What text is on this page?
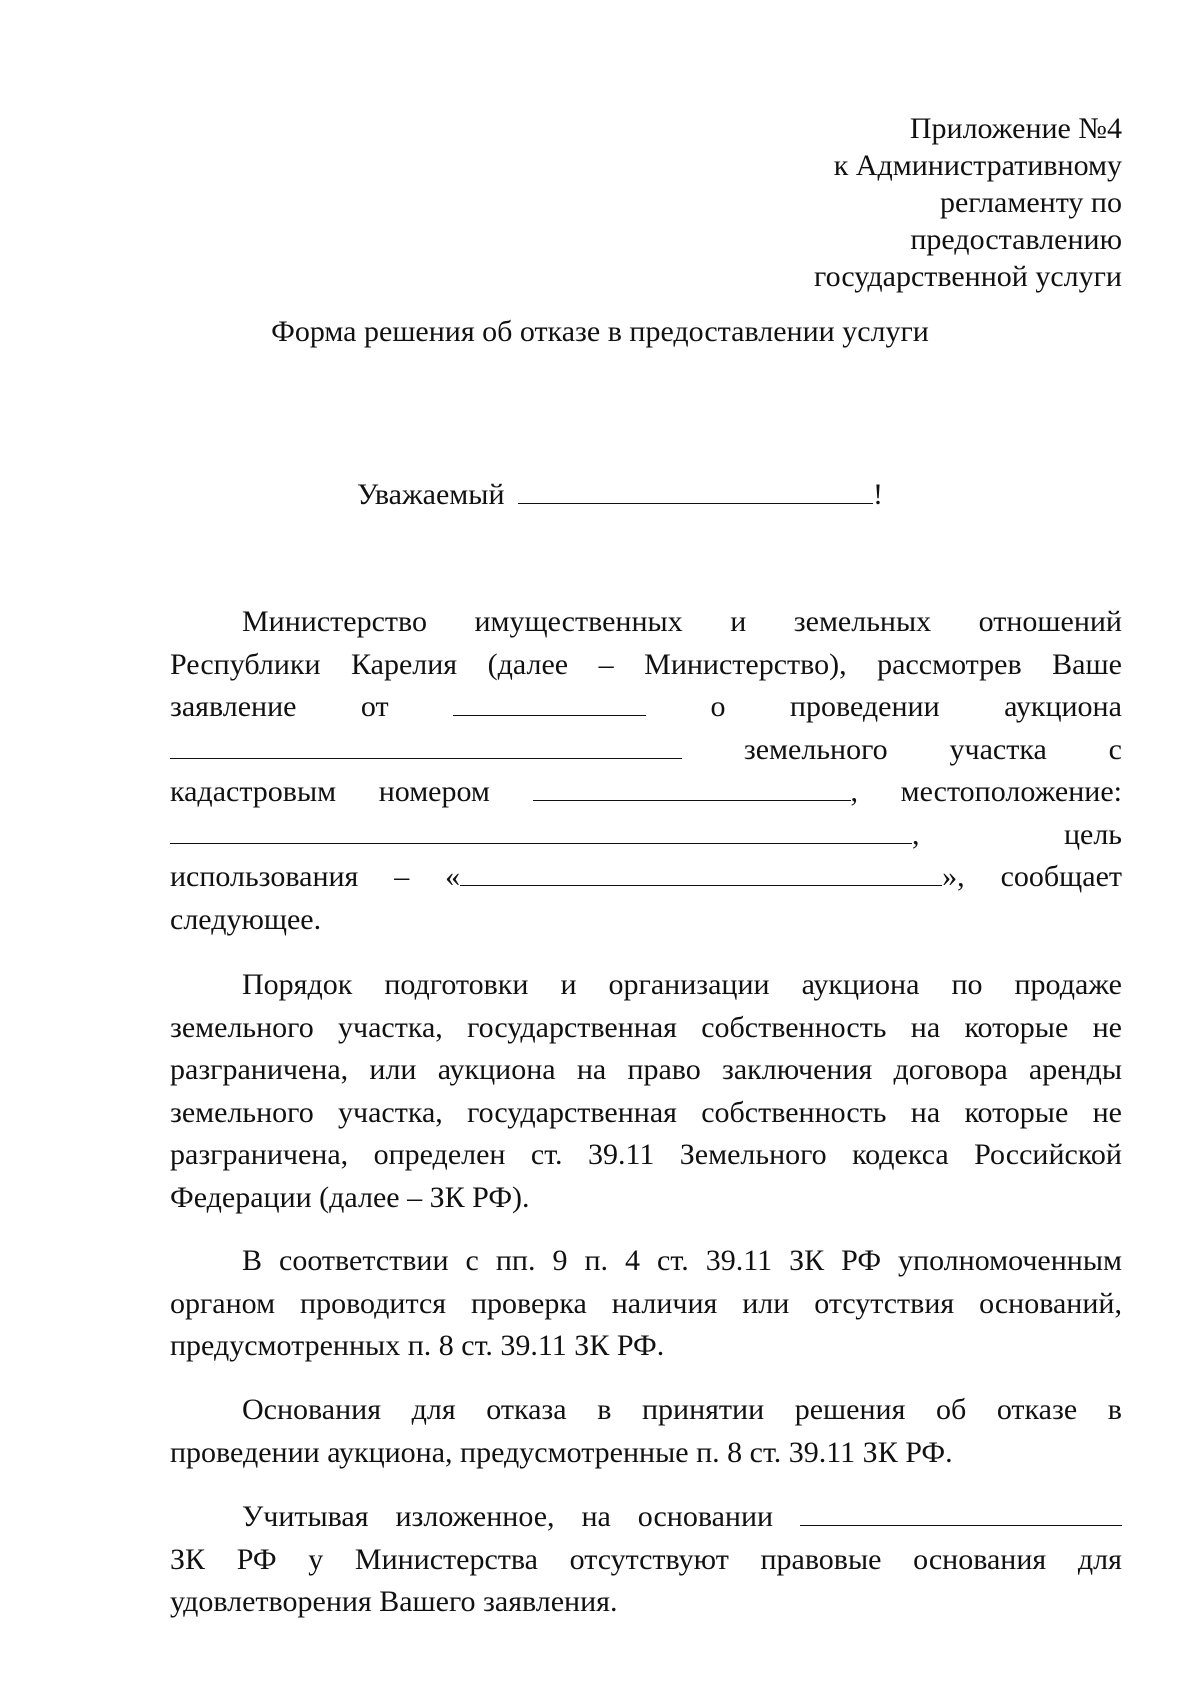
Приложение №4
к Административному
регламенту по
предоставлению
государственной услуги
Форма решения об отказе в предоставлении услуги
Уважаемый	!
Министерство имущественных и земельных отношений
Республики Карелия (далее – Министерство), рассмотрев Ваше
заявление от	о проведении аукциона
земельного участка с
кадастровым номером	, местоположение:
,	цель
использования – «	», сообщает
следующее.
Порядок подготовки и организации аукциона по продаже
земельного участка, государственная собственность на которые не
разграничена, или аукциона на право заключения договора аренды
земельного участка, государственная собственность на которые не
разграничена, определен ст. 39.11 Земельного кодекса Российской
Федерации (далее – ЗК РФ).
В соответствии с пп. 9 п. 4 ст. 39.11 ЗК РФ уполномоченным
органом проводится проверка наличия или отсутствия оснований,
предусмотренных п. 8 ст. 39.11 ЗК РФ.
Основания для отказа в принятии решения об отказе в
проведении аукциона, предусмотренные п. 8 ст. 39.11 ЗК РФ.
Учитывая изложенное, на основании
ЗК РФ у Министерства отсутствуют правовые основания для
удовлетворения Вашего заявления.
